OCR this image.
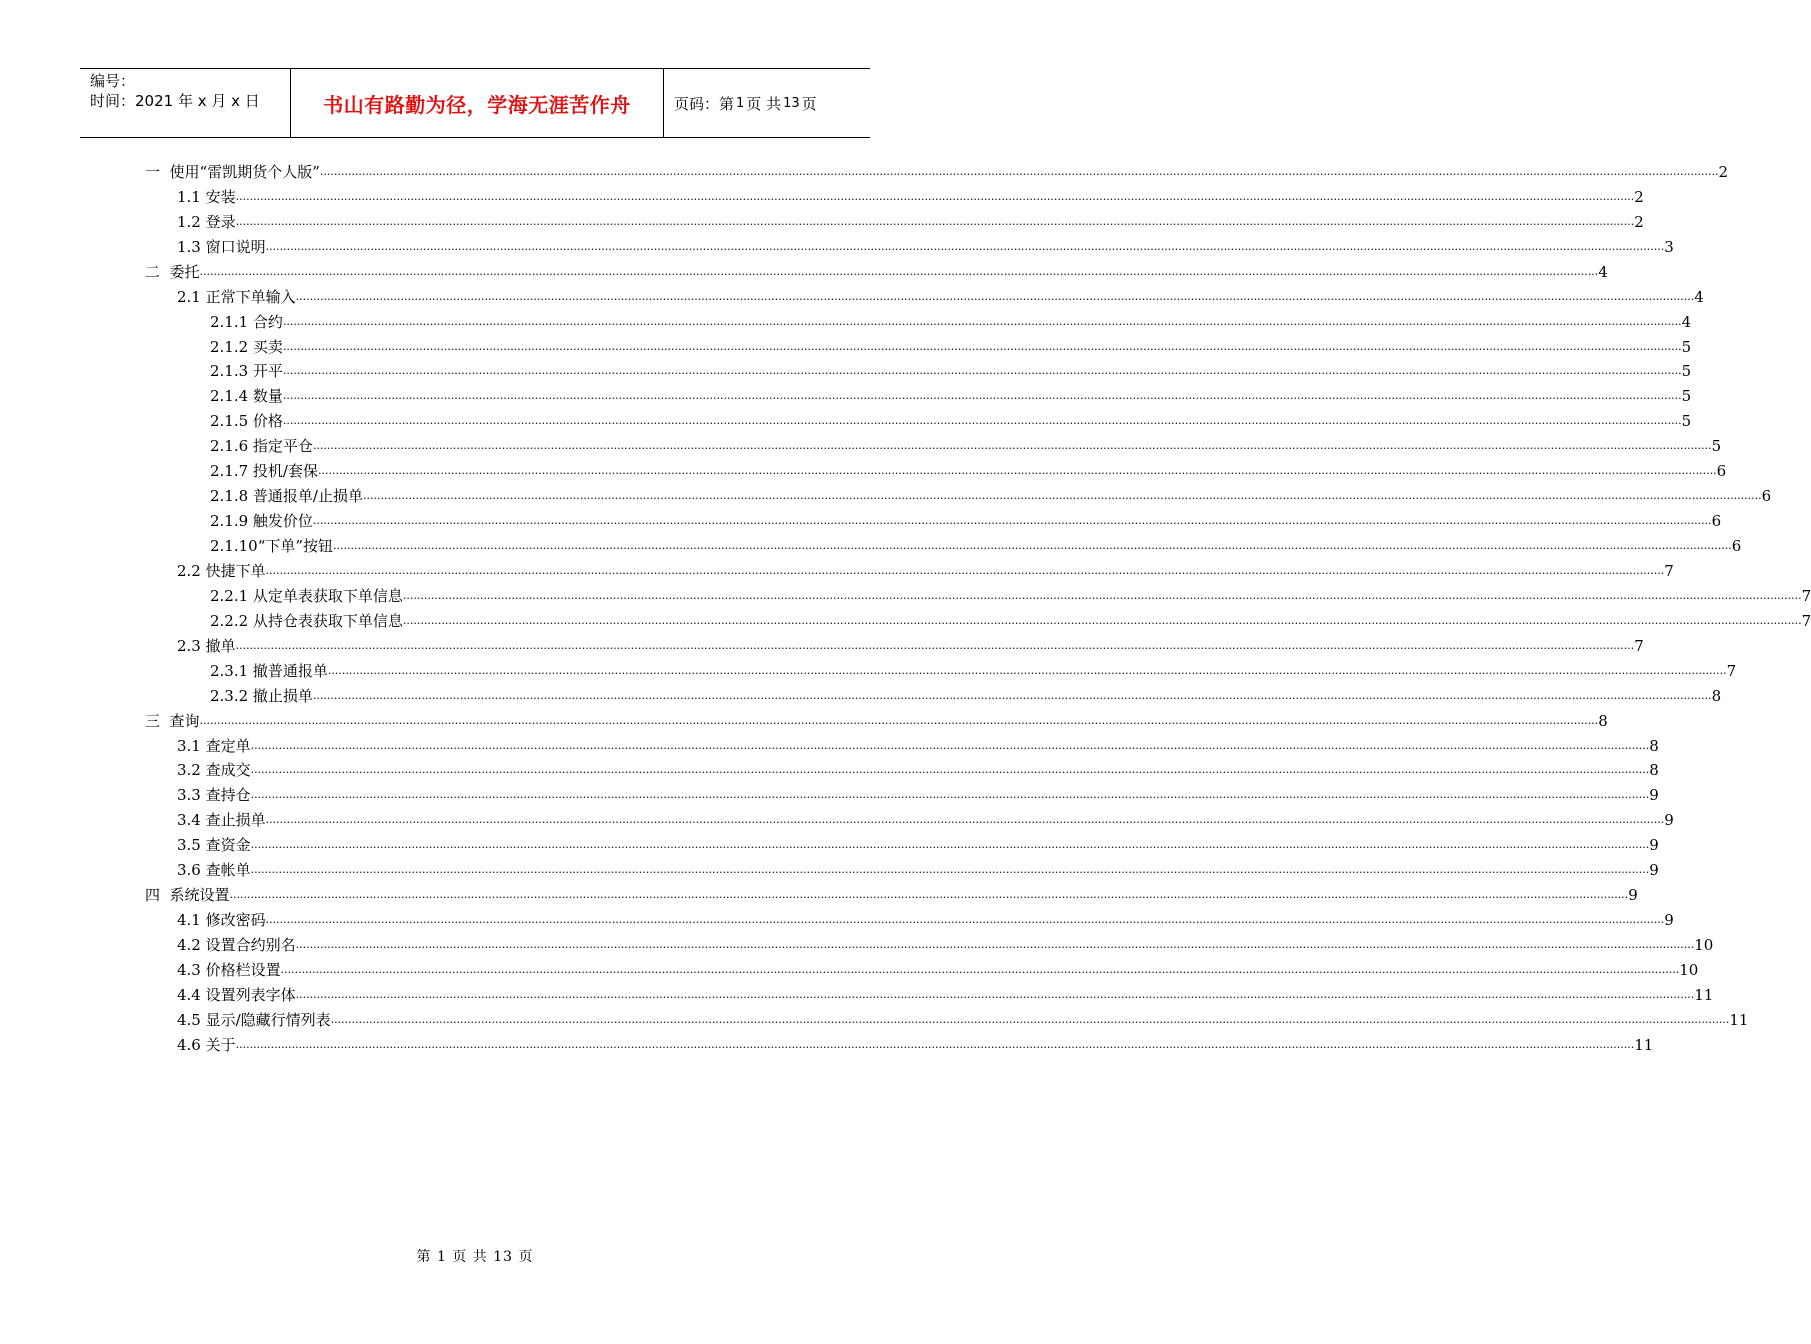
编号：
时间：2021 年 x 月 x 日	书山有路勤为径，学海无涯苦作舟	页码：第 1 页 共 13 页
一  使用“雷凯期货个人版” ................................................................................................................................................................................................................................................................................................................................................................................................................ 2
1.1 安装 ................................................................................................................................................................................................................................................................................................................................................................................................................ 2
1.2 登录 ................................................................................................................................................................................................................................................................................................................................................................................................................ 2
1.3 窗口说明 ................................................................................................................................................................................................................................................................................................................................................................................................................ 3
二  委托 ................................................................................................................................................................................................................................................................................................................................................................................................................ 4
2.1 正常下单输入 ................................................................................................................................................................................................................................................................................................................................................................................................................ 4
2.1.1 合约 ................................................................................................................................................................................................................................................................................................................................................................................................................ 4
2.1.2 买卖 ................................................................................................................................................................................................................................................................................................................................................................................................................ 5
2.1.3 开平 ................................................................................................................................................................................................................................................................................................................................................................................................................ 5
2.1.4 数量 ................................................................................................................................................................................................................................................................................................................................................................................................................ 5
2.1.5 价格 ................................................................................................................................................................................................................................................................................................................................................................................................................ 5
2.1.6 指定平仓 ................................................................................................................................................................................................................................................................................................................................................................................................................ 5
2.1.7 投机/套保 ................................................................................................................................................................................................................................................................................................................................................................................................................ 6
2.1.8 普通报单/止损单 ................................................................................................................................................................................................................................................................................................................................................................................................................ 6
2.1.9 触发价位 ................................................................................................................................................................................................................................................................................................................................................................................................................ 6
2.1.10“下单”按钮 ................................................................................................................................................................................................................................................................................................................................................................................................................ 6
2.2 快捷下单 ................................................................................................................................................................................................................................................................................................................................................................................................................ 7
2.2.1 从定单表获取下单信息 ................................................................................................................................................................................................................................................................................................................................................................................................................ 7
2.2.2 从持仓表获取下单信息 ................................................................................................................................................................................................................................................................................................................................................................................................................ 7
2.3 撤单 ................................................................................................................................................................................................................................................................................................................................................................................................................ 7
2.3.1 撤普通报单 ................................................................................................................................................................................................................................................................................................................................................................................................................ 7
2.3.2 撤止损单 ................................................................................................................................................................................................................................................................................................................................................................................................................ 8
三  查询 ................................................................................................................................................................................................................................................................................................................................................................................................................ 8
3.1 查定单 ................................................................................................................................................................................................................................................................................................................................................................................................................ 8
3.2 查成交 ................................................................................................................................................................................................................................................................................................................................................................................................................ 8
3.3 查持仓 ................................................................................................................................................................................................................................................................................................................................................................................................................ 9
3.4 查止损单 ................................................................................................................................................................................................................................................................................................................................................................................................................ 9
3.5 查资金 ................................................................................................................................................................................................................................................................................................................................................................................................................ 9
3.6 查帐单 ................................................................................................................................................................................................................................................................................................................................................................................................................ 9
四  系统设置 ................................................................................................................................................................................................................................................................................................................................................................................................................ 9
4.1 修改密码 ................................................................................................................................................................................................................................................................................................................................................................................................................ 9
4.2 设置合约别名 ................................................................................................................................................................................................................................................................................................................................................................................................................ 10
4.3 价格栏设置 ................................................................................................................................................................................................................................................................................................................................................................................................................ 10
4.4 设置列表字体 ................................................................................................................................................................................................................................................................................................................................................................................................................ 11
4.5 显示/隐藏行情列表 ................................................................................................................................................................................................................................................................................................................................................................................................................ 11
4.6 关于 ................................................................................................................................................................................................................................................................................................................................................................................................................ 11
第 1 页 共 13 页
